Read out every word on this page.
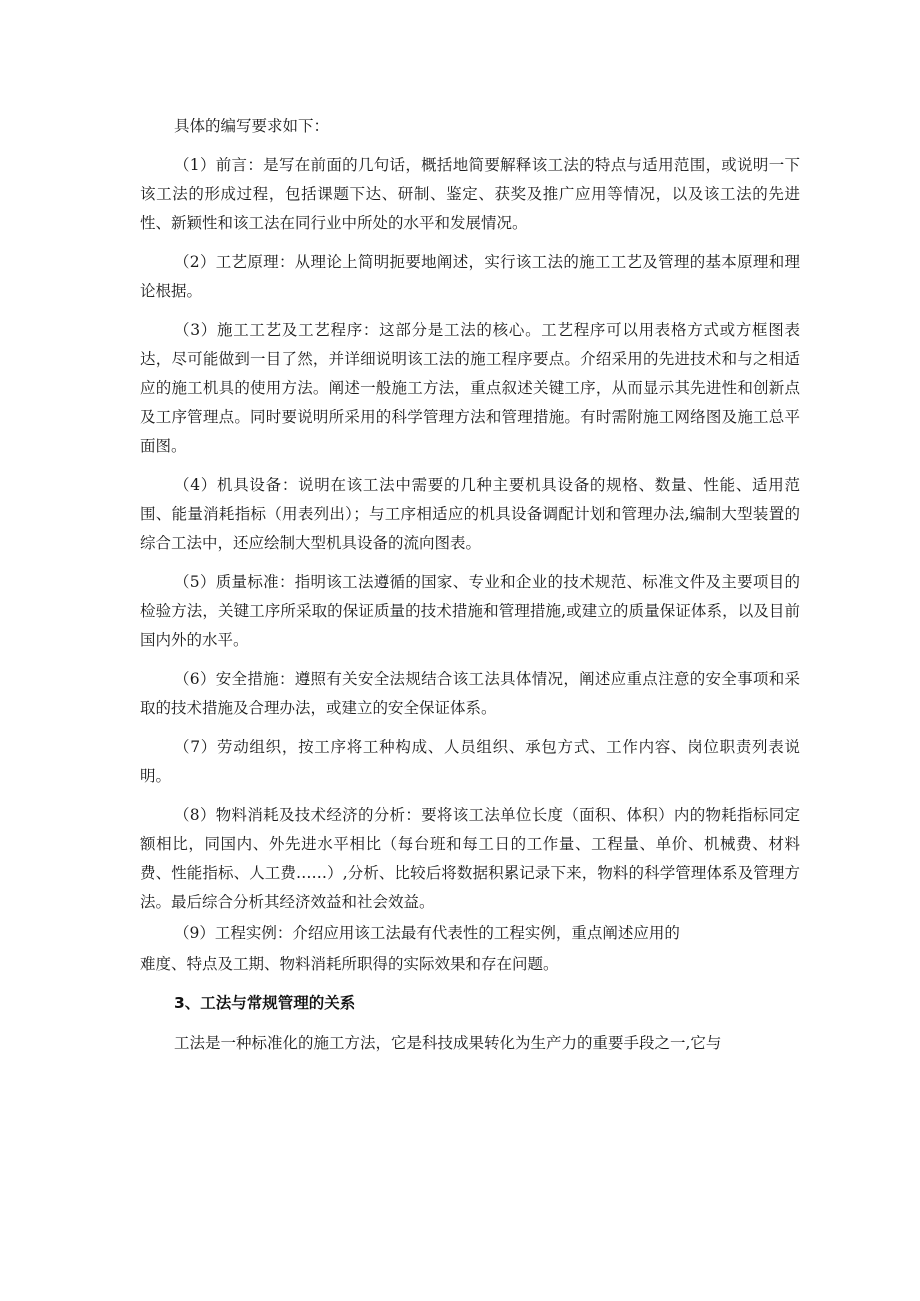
具体的编写要求如下：

（1）前言：是写在前面的几句话，概括地简要解释该工法的特点与适用范围，或说明一下该工法的形成过程，包括课题下达、研制、鉴定、获奖及推广应用等情况，以及该工法的先进性、新颖性和该工法在同行业中所处的水平和发展情况。

（2）工艺原理：从理论上简明扼要地阐述，实行该工法的施工工艺及管理的基本原理和理论根据。

（3）施工工艺及工艺程序：这部分是工法的核心。工艺程序可以用表格方式或方框图表达，尽可能做到一目了然，并详细说明该工法的施工程序要点。介绍采用的先进技术和与之相适应的施工机具的使用方法。阐述一般施工方法，重点叙述关键工序，从而显示其先进性和创新点及工序管理点。同时要说明所采用的科学管理方法和管理措施。有时需附施工网络图及施工总平面图。

（4）机具设备：说明在该工法中需要的几种主要机具设备的规格、数量、性能、适用范围、能量消耗指标（用表列出）；与工序相适应的机具设备调配计划和管理办法,编制大型装置的综合工法中，还应绘制大型机具设备的流向图表。

（5）质量标准：指明该工法遵循的国家、专业和企业的技术规范、标准文件及主要项目的检验方法，关键工序所采取的保证质量的技术措施和管理措施,或建立的质量保证体系，以及目前国内外的水平。

（6）安全措施：遵照有关安全法规结合该工法具体情况，阐述应重点注意的安全事项和采取的技术措施及合理办法，或建立的安全保证体系。

（7）劳动组织，按工序将工种构成、人员组织、承包方式、工作内容、岗位职责列表说明。

（8）物料消耗及技术经济的分析：要将该工法单位长度（面积、体积）内的物耗指标同定额相比，同国内、外先进水平相比（每台班和每工日的工作量、工程量、单价、机械费、材料费、性能指标、人工费……）,分析、比较后将数据积累记录下来，物料的科学管理体系及管理方法。最后综合分析其经济效益和社会效益。

（9）工程实例：介绍应用该工法最有代表性的工程实例，重点阐述应用的

难度、特点及工期、物料消耗所职得的实际效果和存在问题。

3、工法与常规管理的关系

工法是一种标准化的施工方法，它是科技成果转化为生产力的重要手段之一,它与
